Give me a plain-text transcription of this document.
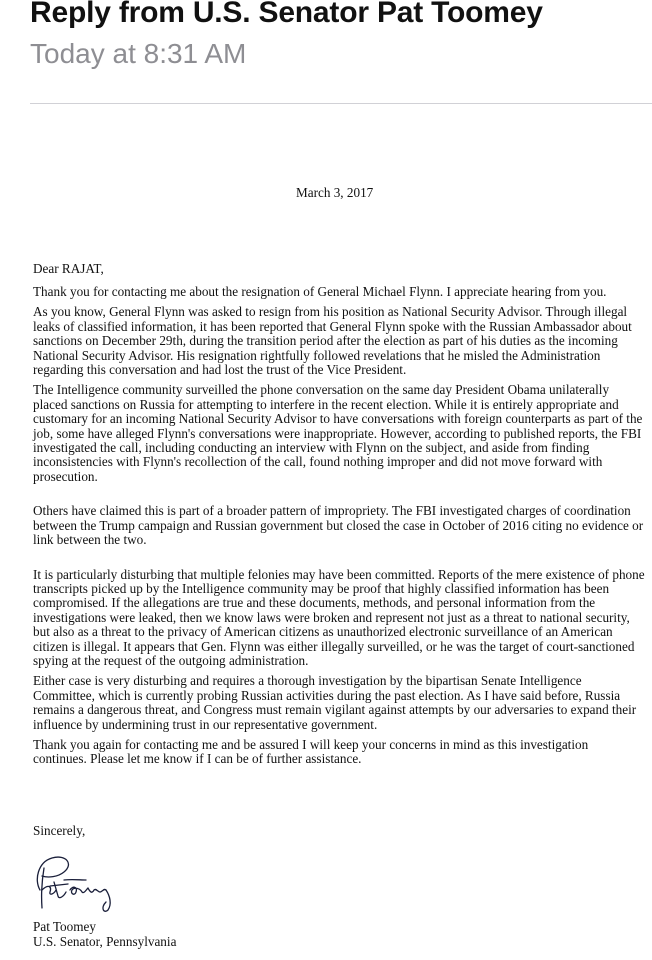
Reply from U.S. Senator Pat Toomey
Today at 8:31 AM
March 3, 2017
Dear RAJAT,

Thank you for contacting me about the resignation of General Michael Flynn. I appreciate hearing from you.

As you know, General Flynn was asked to resign from his position as National Security Advisor. Through illegal leaks of classified information, it has been reported that General Flynn spoke with the Russian Ambassador about sanctions on December 29th, during the transition period after the election as part of his duties as the incoming National Security Advisor. His resignation rightfully followed revelations that he misled the Administration regarding this conversation and had lost the trust of the Vice President.

The Intelligence community surveilled the phone conversation on the same day President Obama unilaterally placed sanctions on Russia for attempting to interfere in the recent election. While it is entirely appropriate and customary for an incoming National Security Advisor to have conversations with foreign counterparts as part of the job, some have alleged Flynn's conversations were inappropriate. However, according to published reports, the FBI investigated the call, including conducting an interview with Flynn on the subject, and aside from finding inconsistencies with Flynn's recollection of the call, found nothing improper and did not move forward with prosecution.

Others have claimed this is part of a broader pattern of impropriety. The FBI investigated charges of coordination between the Trump campaign and Russian government but closed the case in October of 2016 citing no evidence or link between the two.

It is particularly disturbing that multiple felonies may have been committed. Reports of the mere existence of phone transcripts picked up by the Intelligence community may be proof that highly classified information has been compromised. If the allegations are true and these documents, methods, and personal information from the investigations were leaked, then we know laws were broken and represent not just as a threat to national security, but also as a threat to the privacy of American citizens as unauthorized electronic surveillance of an American citizen is illegal. It appears that Gen. Flynn was either illegally surveilled, or he was the target of court-sanctioned spying at the request of the outgoing administration.

Either case is very disturbing and requires a thorough investigation by the bipartisan Senate Intelligence Committee, which is currently probing Russian activities during the past election. As I have said before, Russia remains a dangerous threat, and Congress must remain vigilant against attempts by our adversaries to expand their influence by undermining trust in our representative government.

Thank you again for contacting me and be assured I will keep your concerns in mind as this investigation continues. Please let me know if I can be of further assistance.

Sincerely,
Pat Toomey
U.S. Senator, Pennsylvania
